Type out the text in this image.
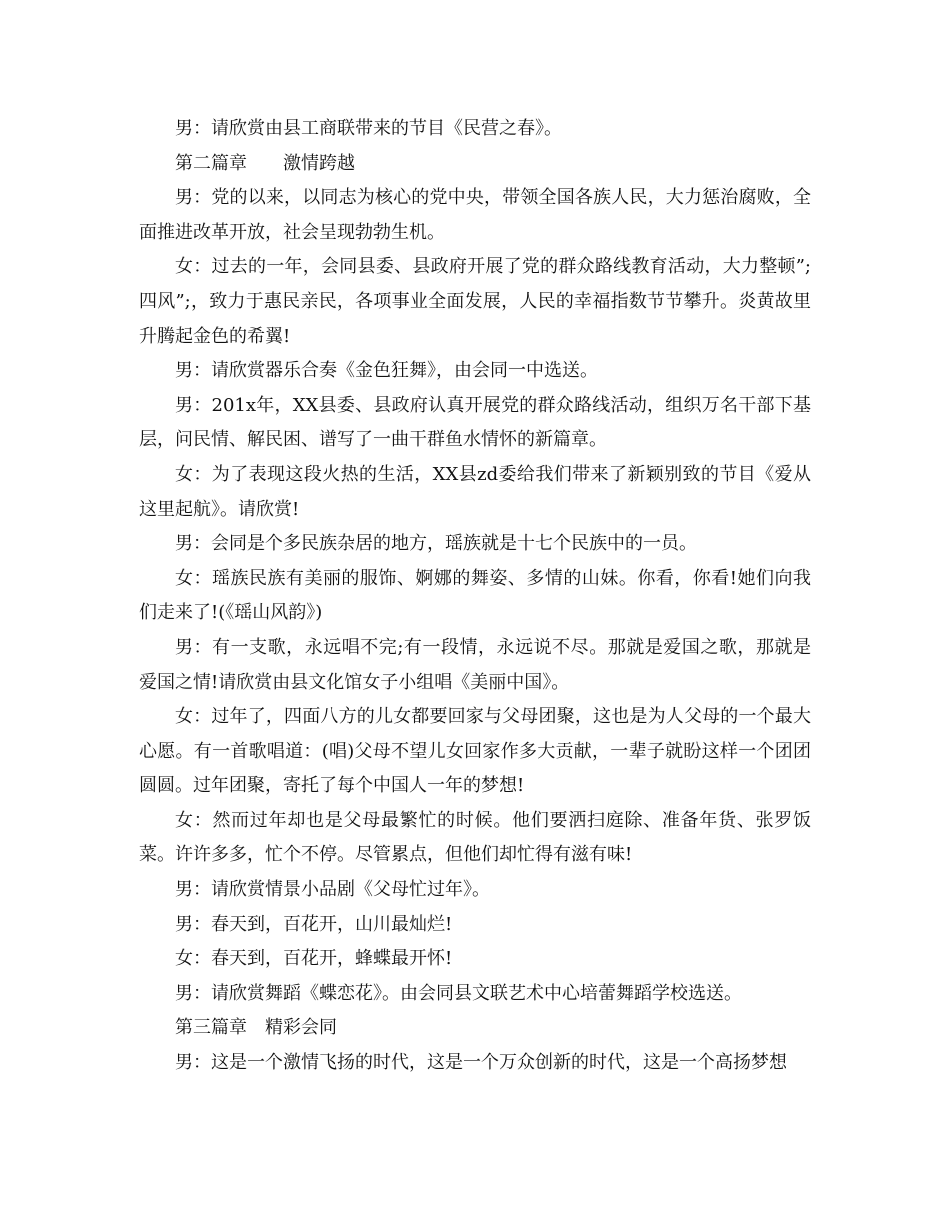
男：请欣赏由县工商联带来的节目《民营之春》。

第二篇章　　激情跨越

男：党的以来，以同志为核心的党中央，带领全国各族人民，大力惩治腐败，全面推进改革开放，社会呈现勃勃生机。

女：过去的一年，会同县委、县政府开展了党的群众路线教育活动，大力整顿”;四风”;，致力于惠民亲民，各项事业全面发展，人民的幸福指数节节攀升。炎黄故里升腾起金色的希翼!

男：请欣赏器乐合奏《金色狂舞》，由会同一中选送。

男：201x年，XX县委、县政府认真开展党的群众路线活动，组织万名干部下基层，问民情、解民困、谱写了一曲干群鱼水情怀的新篇章。

女：为了表现这段火热的生活，XX县zd委给我们带来了新颖别致的节目《爱从这里起航》。请欣赏!

男：会同是个多民族杂居的地方，瑶族就是十七个民族中的一员。

女：瑶族民族有美丽的服饰、婀娜的舞姿、多情的山妹。你看，你看!她们向我们走来了!(《瑶山风韵》)

男：有一支歌，永远唱不完;有一段情，永远说不尽。那就是爱国之歌，那就是爱国之情!请欣赏由县文化馆女子小组唱《美丽中国》。

女：过年了，四面八方的儿女都要回家与父母团聚，这也是为人父母的一个最大心愿。有一首歌唱道：(唱)父母不望儿女回家作多大贡献，一辈子就盼这样一个团团圆圆。过年团聚，寄托了每个中国人一年的梦想!

女：然而过年却也是父母最繁忙的时候。他们要洒扫庭除、准备年货、张罗饭菜。许许多多，忙个不停。尽管累点，但他们却忙得有滋有味!

男：请欣赏情景小品剧《父母忙过年》。

男：春天到，百花开，山川最灿烂!

女：春天到，百花开，蜂蝶最开怀!

男：请欣赏舞蹈《蝶恋花》。由会同县文联艺术中心培蕾舞蹈学校选送。

第三篇章　精彩会同

男：这是一个激情飞扬的时代，这是一个万众创新的时代，这是一个高扬梦想
